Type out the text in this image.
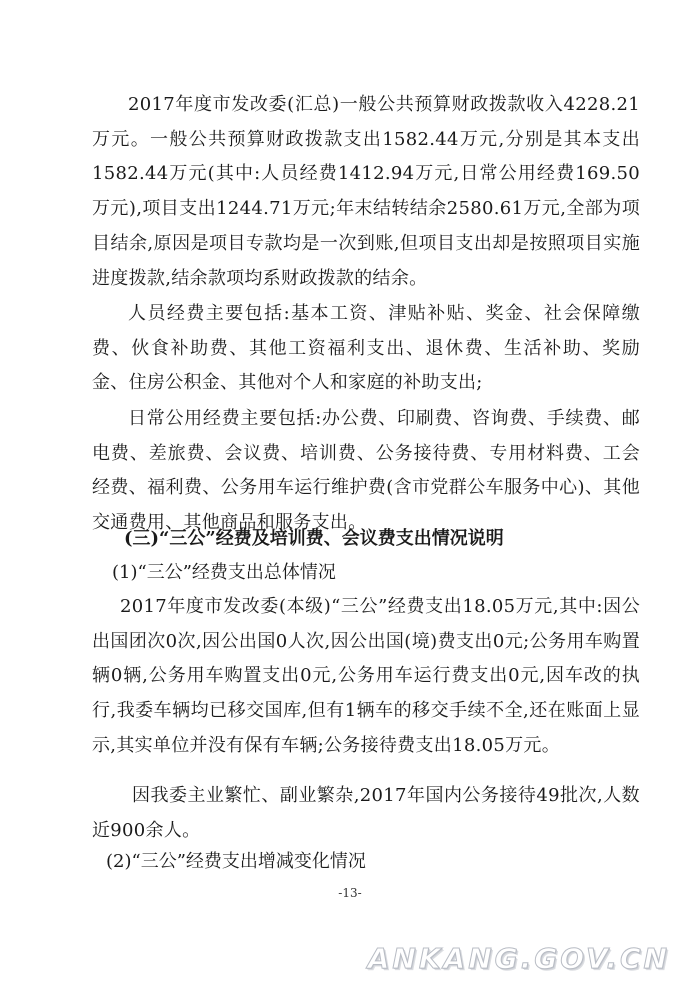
2017年度市发改委(汇总)一般公共预算财政拨款收入4228.21万元。一般公共预算财政拨款支出1582.44万元,分别是其本支出1582.44万元(其中:人员经费1412.94万元,日常公用经费169.50万元),项目支出1244.71万元;年末结转结余2580.61万元,全部为项目结余,原因是项目专款均是一次到账,但项目支出却是按照项目实施进度拨款,结余款项均系财政拨款的结余。

人员经费主要包括:基本工资、津贴补贴、奖金、社会保障缴费、伙食补助费、其他工资福利支出、退休费、生活补助、奖励金、住房公积金、其他对个人和家庭的补助支出;

日常公用经费主要包括:办公费、印刷费、咨询费、手续费、邮电费、差旅费、会议费、培训费、公务接待费、专用材料费、工会经费、福利费、公务用车运行维护费(含市党群公车服务中心)、其他交通费用、其他商品和服务支出。

(三)“三公”经费及培训费、会议费支出情况说明

(1)“三公”经费支出总体情况

2017年度市发改委(本级)“三公”经费支出18.05万元,其中:因公出国团次0次,因公出国0人次,因公出国(境)费支出0元;公务用车购置辆0辆,公务用车购置支出0元,公务用车运行费支出0元,因车改的执行,我委车辆均已移交国库,但有1辆车的移交手续不全,还在账面上显示,其实单位并没有保有车辆;公务接待费支出18.05万元。

因我委主业繁忙、副业繁杂,2017年国内公务接待49批次,人数近900余人。

(2)“三公”经费支出增减变化情况

-13-
ANKANG.GOV.CN
